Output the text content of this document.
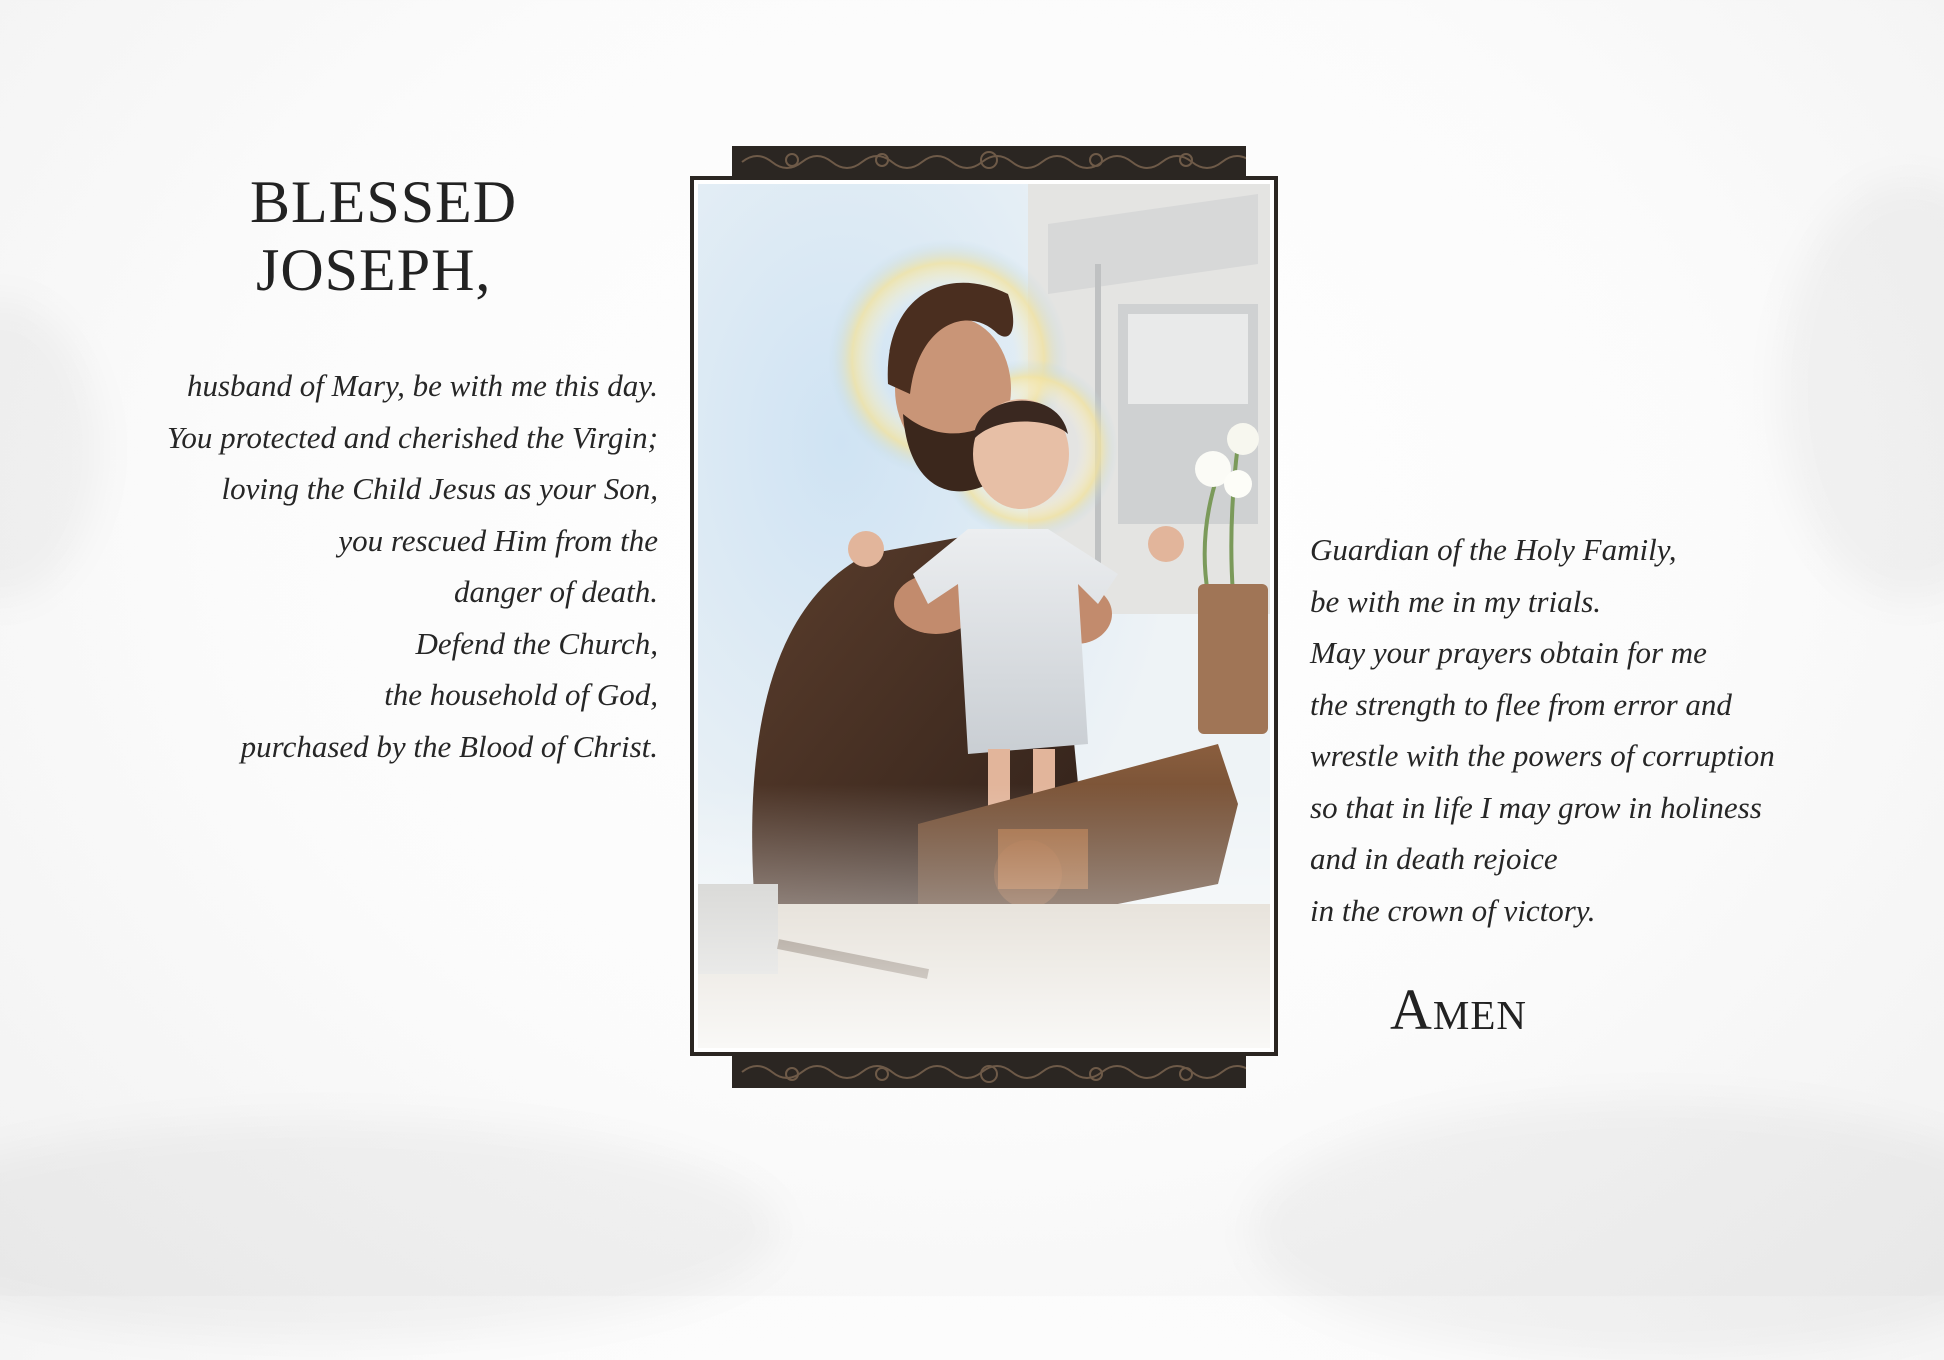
BLESSED
JOSEPH,
husband of Mary, be with me this day.
You protected and cherished the Virgin;
loving the Child Jesus as your Son,
you rescued Him from the
danger of death.
Defend the Church,
the household of God,
purchased by the Blood of Christ.
Guardian of the Holy Family,
be with me in my trials.
May your prayers obtain for me
the strength to flee from error and
wrestle with the powers of corruption
so that in life I may grow in holiness
and in death rejoice
in the crown of victory.
Amen
